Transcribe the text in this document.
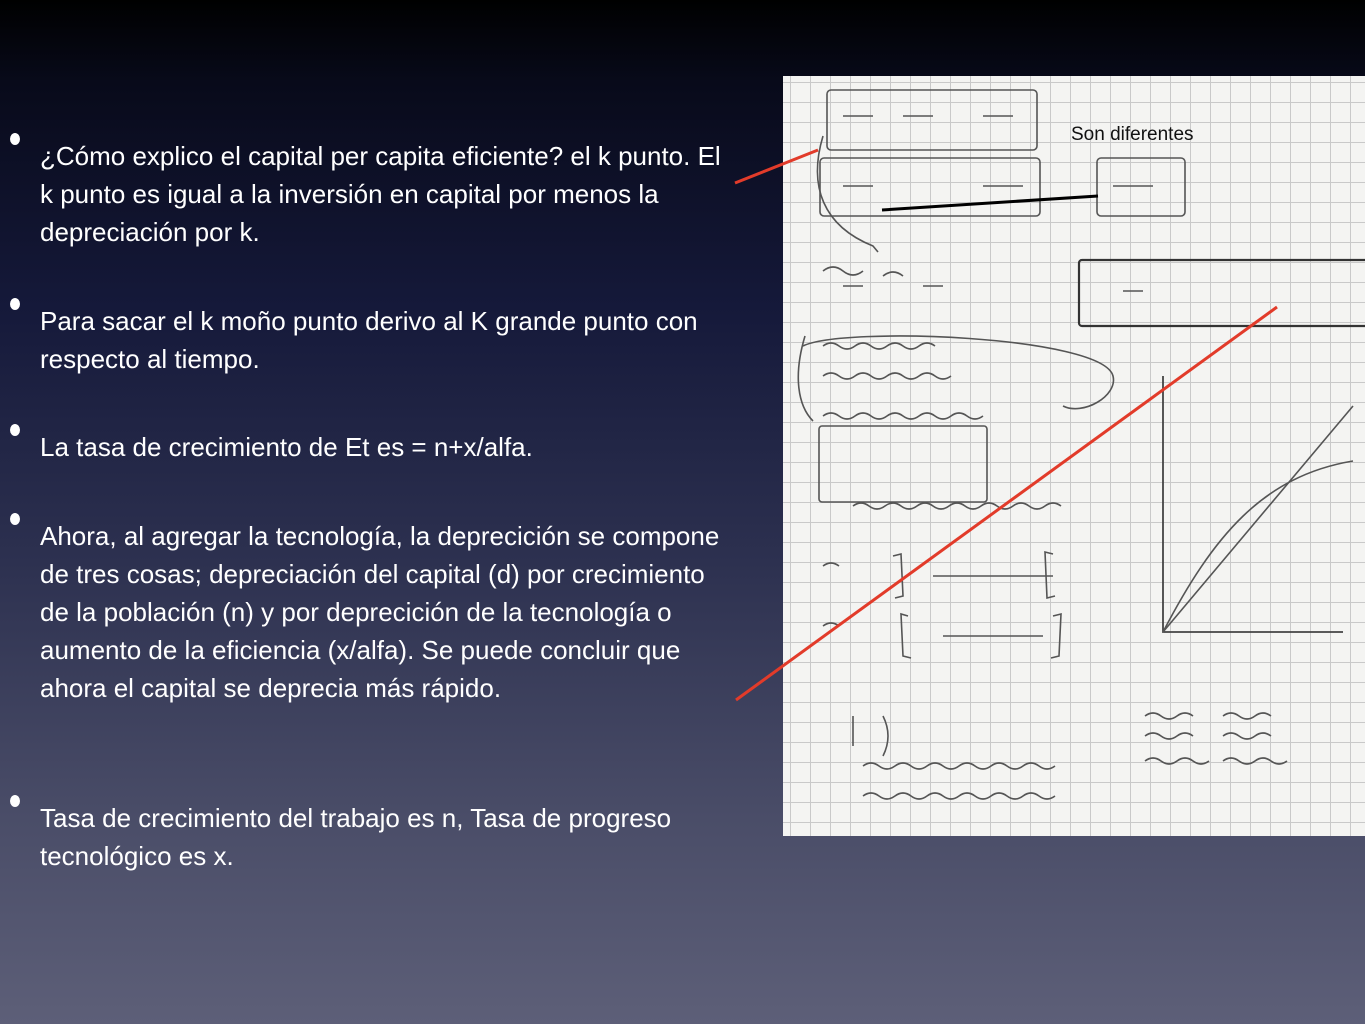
¿Cómo explico el capital per capita eficiente? el k punto. El k punto es igual a la inversión en capital por menos la depreciación por k.
Para sacar el k moño punto derivo al K grande punto con respecto al tiempo.
La tasa de crecimiento de Et es = n+x/alfa.
Ahora, al agregar la tecnología, la deprecición se compone de tres cosas; depreciación del capital (d) por crecimiento de la población (n) y por deprecición de la tecnología o aumento de la eficiencia (x/alfa). Se puede concluir que ahora el capital se deprecia más rápido.
Tasa de crecimiento del trabajo es n, Tasa de progreso tecnológico es x.
Son diferentes
